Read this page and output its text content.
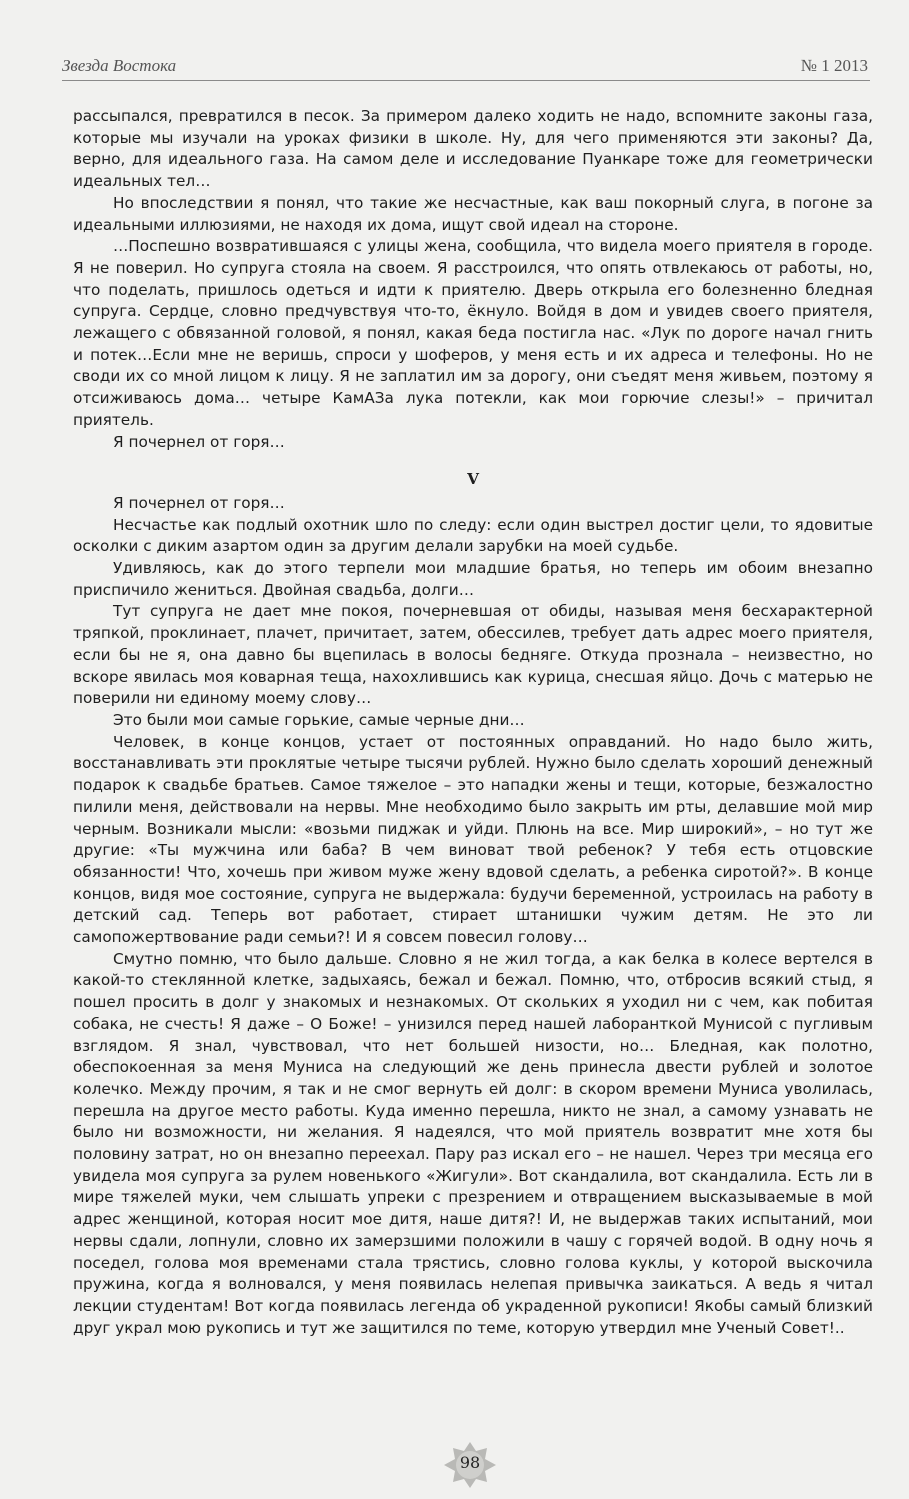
Звезда Востока	№ 1 2013

рассыпался, превратился в песок. За примером далеко ходить не надо, вспомните законы газа, которые мы изучали на уроках физики в школе. Ну, для чего применяются эти законы? Да, верно, для идеального газа. На самом деле и исследование Пуанкаре тоже для геометрически идеальных тел…

Но впоследствии я понял, что такие же несчастные, как ваш покорный слуга, в погоне за идеальными иллюзиями, не находя их дома, ищут свой идеал на стороне.

…Поспешно возвратившаяся с улицы жена, сообщила, что видела моего приятеля в городе. Я не поверил. Но супруга стояла на своем. Я расстроился, что опять отвлекаюсь от работы, но, что поделать, пришлось одеться и идти к приятелю. Дверь открыла его болезненно бледная супруга. Сердце, словно предчувствуя что-то, ёкнуло. Войдя в дом и увидев своего приятеля, лежащего с обвязанной головой, я понял, какая беда постигла нас. «Лук по дороге начал гнить и потек…Если мне не веришь, спроси у шоферов, у меня есть и их адреса и телефоны. Но не своди их со мной лицом к лицу. Я не заплатил им за дорогу, они съедят меня живьем, поэтому я отсиживаюсь дома… четыре КамАЗа лука потекли, как мои горючие слезы!» – причитал приятель.

Я почернел от горя…

V

Я почернел от горя…

Несчастье как подлый охотник шло по следу: если один выстрел достиг цели, то ядовитые осколки с диким азартом один за другим делали зарубки на моей судьбе.

Удивляюсь, как до этого терпели мои младшие братья, но теперь им обоим внезапно приспичило жениться. Двойная свадьба, долги…

Тут супруга не дает мне покоя, почерневшая от обиды, называя меня бесхарактерной тряпкой, проклинает, плачет, причитает, затем, обессилев, требует дать адрес моего приятеля, если бы не я, она давно бы вцепилась в волосы бедняге. Откуда прознала – неизвестно, но вскоре явилась моя коварная теща, нахохлившись как курица, снесшая яйцо. Дочь с матерью не поверили ни единому моему слову…

Это были мои самые горькие, самые черные дни…

Человек, в конце концов, устает от постоянных оправданий. Но надо было жить, восстанавливать эти проклятые четыре тысячи рублей. Нужно было сделать хороший денежный подарок к свадьбе братьев. Самое тяжелое – это нападки жены и тещи, которые, безжалостно пилили меня, действовали на нервы. Мне необходимо было закрыть им рты, делавшие мой мир черным. Возникали мысли: «возьми пиджак и уйди. Плюнь на все. Мир широкий», – но тут же другие: «Ты мужчина или баба? В чем виноват твой ребенок? У тебя есть отцовские обязанности! Что, хочешь при живом муже жену вдовой сделать, а ребенка сиротой?». В конце концов, видя мое состояние, супруга не выдержала: будучи беременной, устроилась на работу в детский сад. Теперь вот работает, стирает штанишки чужим детям. Не это ли самопожертвование ради семьи?! И я совсем повесил голову…

Смутно помню, что было дальше. Словно я не жил тогда, а как белка в колесе вертелся в какой-то стеклянной клетке, задыхаясь, бежал и бежал. Помню, что, отбросив всякий стыд, я пошел просить в долг у знакомых и незнакомых. От скольких я уходил ни с чем, как побитая собака, не счесть! Я даже – О Боже! – унизился перед нашей лаборанткой Мунисой с пугливым взглядом. Я знал, чувствовал, что нет большей низости, но… Бледная, как полотно, обеспокоенная за меня Муниса на следующий же день принесла двести рублей и золотое колечко. Между прочим, я так и не смог вернуть ей долг: в скором времени Муниса уволилась, перешла на другое место работы. Куда именно перешла, никто не знал, а самому узнавать не было ни возможности, ни желания. Я надеялся, что мой приятель возвратит мне хотя бы половину затрат, но он внезапно переехал. Пару раз искал его – не нашел. Через три месяца его увидела моя супруга за рулем новенького «Жигули». Вот скандалила, вот скандалила. Есть ли в мире тяжелей муки, чем слышать упреки с презрением и отвращением высказываемые в мой адрес женщиной, которая носит мое дитя, наше дитя?! И, не выдержав таких испытаний, мои нервы сдали, лопнули, словно их замерзшими положили в чашу с горячей водой. В одну ночь я поседел, голова моя временами стала трястись, словно голова куклы, у которой выскочила пружина, когда я волновался, у меня появилась нелепая привычка заикаться. А ведь я читал лекции студентам! Вот когда появилась легенда об украденной рукописи! Якобы самый близкий друг украл мою рукопись и тут же защитился по теме, которую утвердил мне Ученый Совет!..

98
